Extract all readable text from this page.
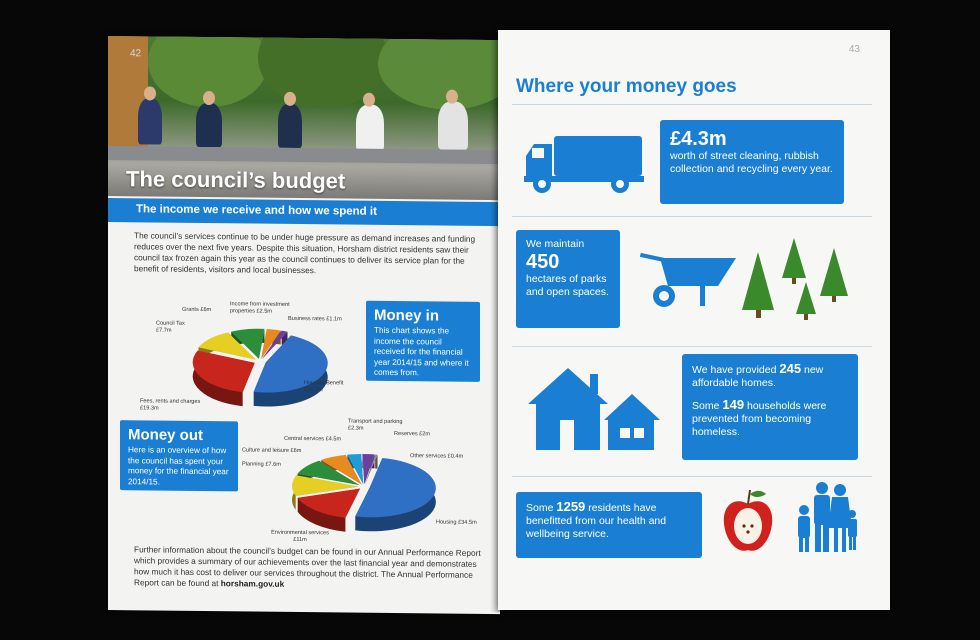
42
The council’s budget
The income we receive and how we spend it
The council’s services continue to be under huge pressure as demand increases and funding reduces over the next five years. Despite this situation, Horsham district residents saw their council tax frozen again this year as the council continues to deliver its service plan for the benefit of residents, visitors and local businesses.
Housing Benefit£31.7m
Fees, rents and charges£19.3m
Council Tax£7.7m
Grants £6m
Income from investmentproperties £2.5m
Business rates £1.1m Money in
This chart shows the income the council received for the financial year 2014/15 and where it comes from.
Money out
Here is an overview of how the council has spent your money for the financial year 2014/15.
Housing £34.5m
Environmental services£11m
Planning £7.6m
Culture and leisure £6m
Central services £4.5m
Transport and parking£2.3m
Reserves £2m
Other services £0.4m
Further information about the council’s budget can be found in our Annual Performance Report which provides a summary of our achievements over the last financial year and demonstrates how much it has cost to deliver our services throughout the district. The Annual Performance Report can be found at horsham.gov.uk
43
Where your money goes
£4.3m
worth of street cleaning, rubbish collection and recycling every year.
We maintain
450
hectares of parks and open spaces.
We have provided 245 new affordable homes.
Some 149 households were prevented from becoming homeless.
Some 1259 residents have benefitted from our health and wellbeing service.
